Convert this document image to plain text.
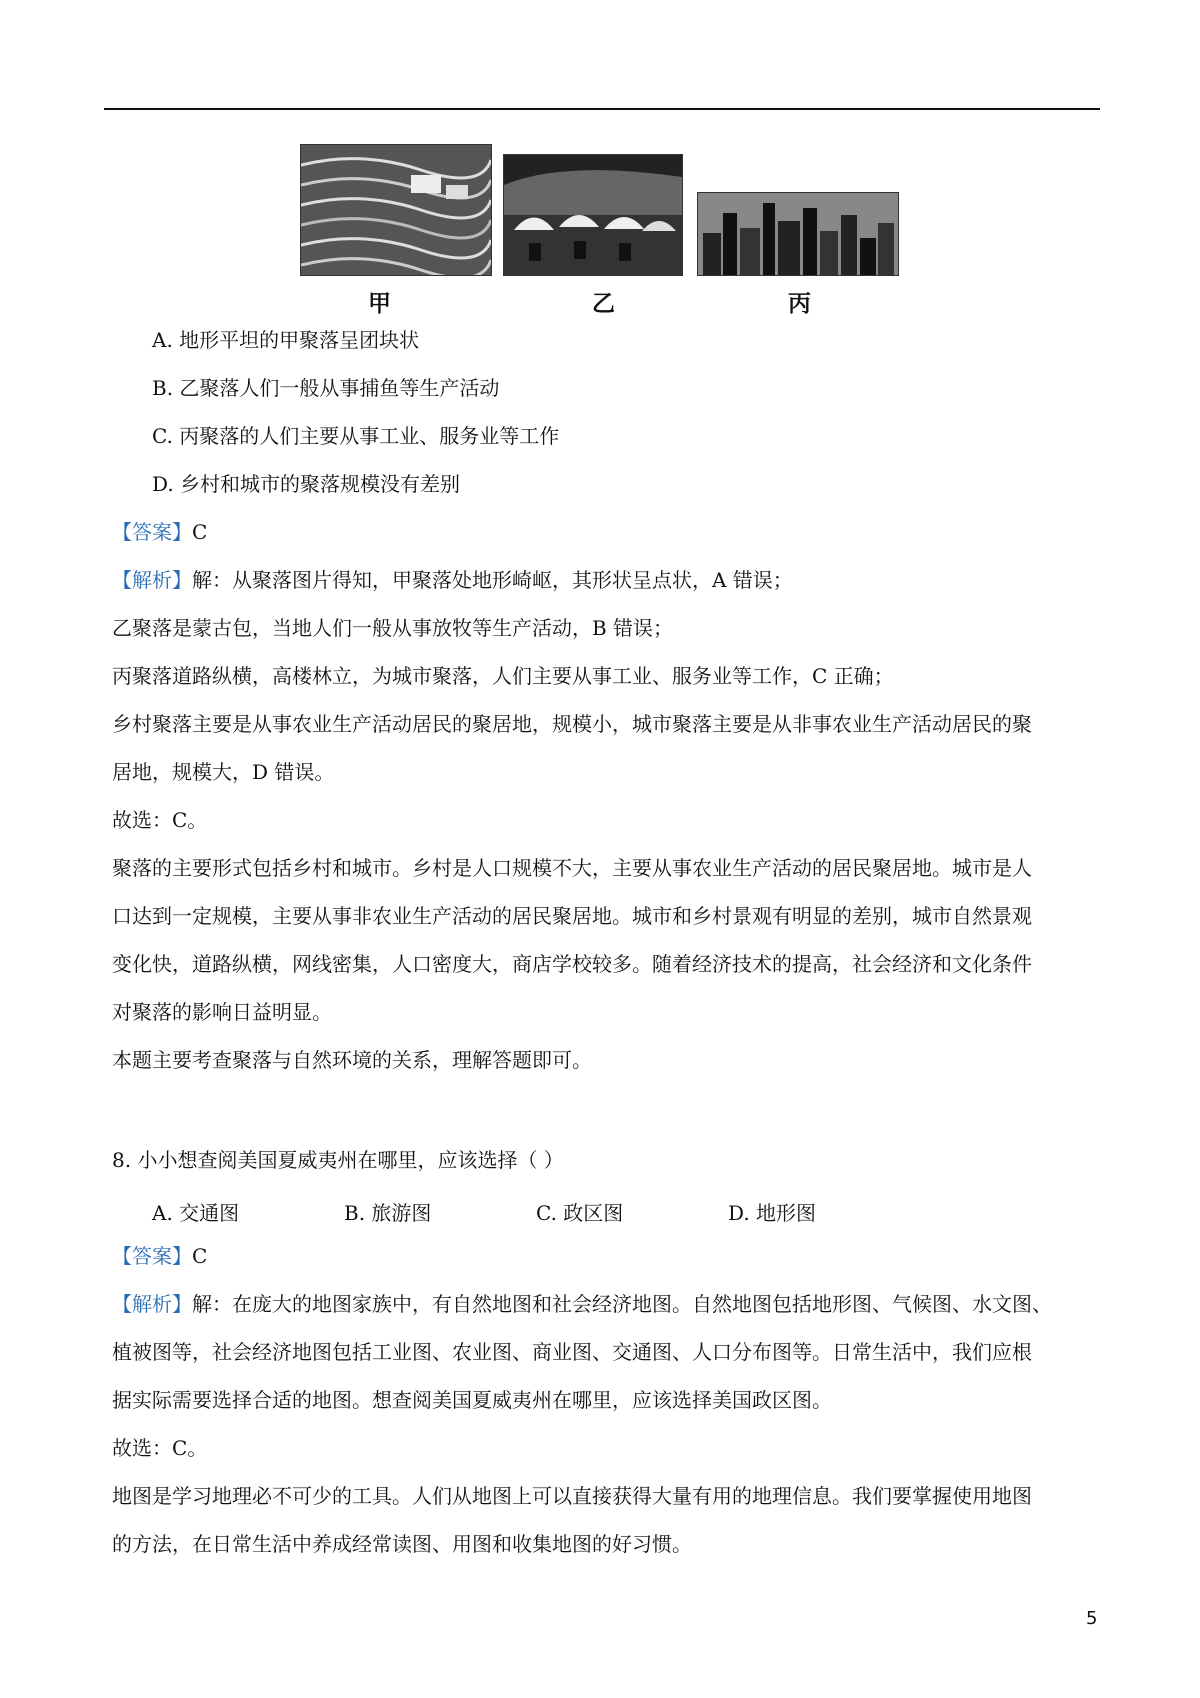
甲	乙	丙
A. 地形平坦的甲聚落呈团块状
B. 乙聚落人们一般从事捕鱼等生产活动
C. 丙聚落的人们主要从事工业、服务业等工作
D. 乡村和城市的聚落规模没有差别
【答案】C
【解析】解：从聚落图片得知，甲聚落处地形崎岖，其形状呈点状，A 错误；
乙聚落是蒙古包，当地人们一般从事放牧等生产活动，B 错误；
丙聚落道路纵横，高楼林立，为城市聚落，人们主要从事工业、服务业等工作，C 正确；
乡村聚落主要是从事农业生产活动居民的聚居地，规模小，城市聚落主要是从非事农业生产活动居民的聚
居地，规模大，D 错误。
故选：C。
聚落的主要形式包括乡村和城市。乡村是人口规模不大，主要从事农业生产活动的居民聚居地。城市是人
口达到一定规模，主要从事非农业生产活动的居民聚居地。城市和乡村景观有明显的差别，城市自然景观
变化快，道路纵横，网线密集，人口密度大，商店学校较多。随着经济技术的提高，社会经济和文化条件
对聚落的影响日益明显。
本题主要考查聚落与自然环境的关系，理解答题即可。
8. 小小想查阅美国夏威夷州在哪里，应该选择（ ）
A. 交通图	B. 旅游图	C. 政区图	D. 地形图
【答案】C
【解析】解：在庞大的地图家族中，有自然地图和社会经济地图。自然地图包括地形图、气候图、水文图、
植被图等，社会经济地图包括工业图、农业图、商业图、交通图、人口分布图等。日常生活中，我们应根
据实际需要选择合适的地图。想查阅美国夏威夷州在哪里，应该选择美国政区图。
故选：C。
地图是学习地理必不可少的工具。人们从地图上可以直接获得大量有用的地理信息。我们要掌握使用地图
的方法，在日常生活中养成经常读图、用图和收集地图的好习惯。
5
